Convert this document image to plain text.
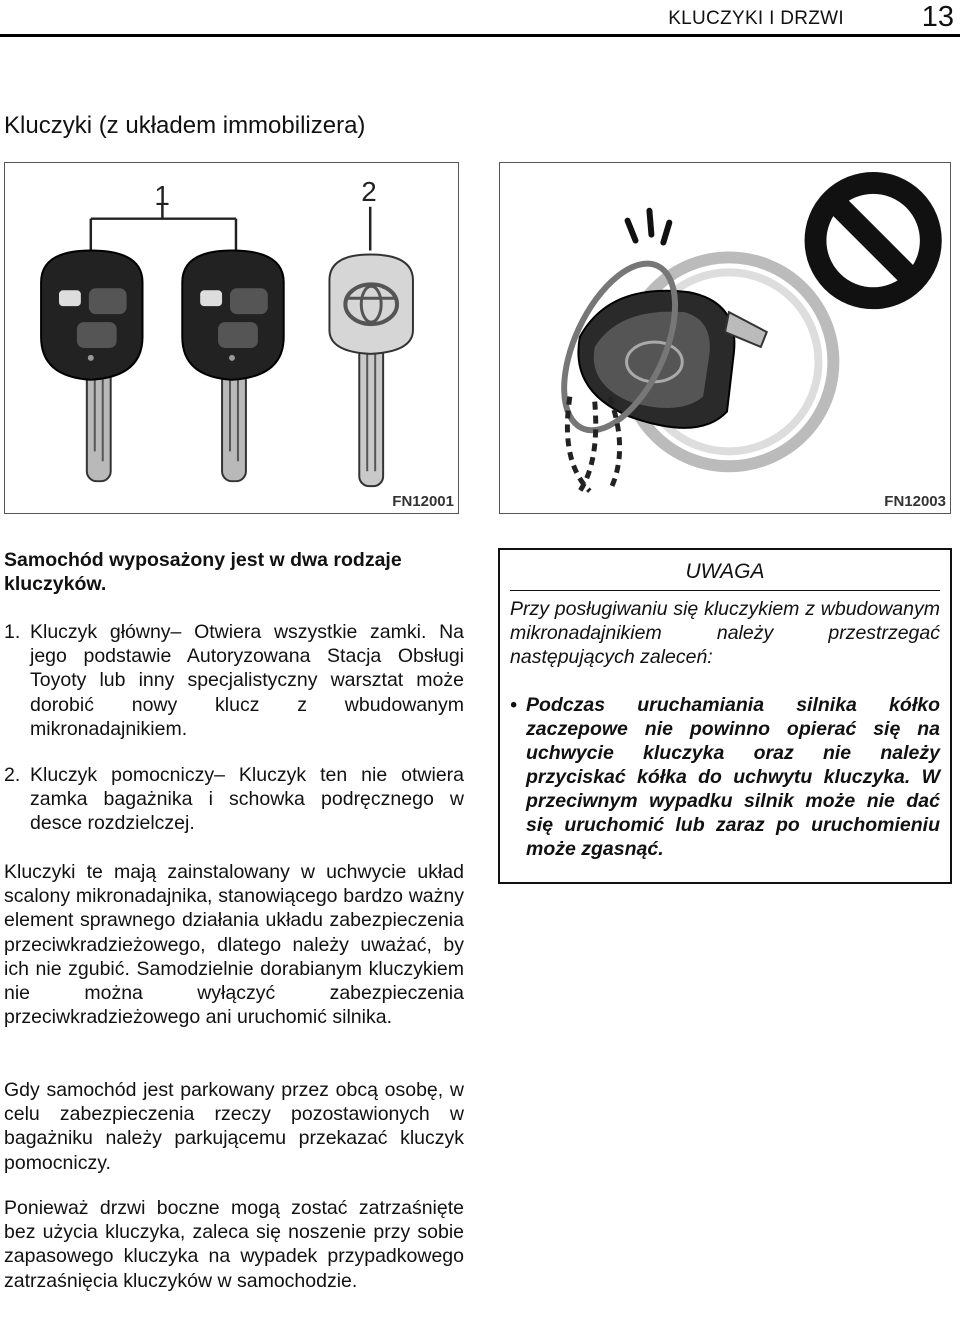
KLUCZYKI I DRZWI	13
Kluczyki (z układem immobilizera)
1	2
FN12001	FN12003

Samochód wyposażony jest w dwa rodzaje kluczyków.

1. Kluczyk główny– Otwiera wszystkie zamki. Na jego podstawie Autoryzowana Stacja Obsługi Toyoty lub inny specjalistyczny warsztat może dorobić nowy klucz z wbudowanym mikronadajnikiem.
2. Kluczyk pomocniczy– Kluczyk ten nie otwiera zamka bagażnika i schowka podręcznego w desce rozdzielczej.

Kluczyki te mają zainstalowany w uchwycie układ scalony mikronadajnika, stanowiącego bardzo ważny element sprawnego działania układu zabezpieczenia przeciwkradzieżowego, dlatego należy uważać, by ich nie zgubić. Samodzielnie dorabianym kluczykiem nie można wyłączyć zabezpieczenia przeciwkradzieżowego ani uruchomić silnika.

Gdy samochód jest parkowany przez obcą osobę, w celu zabezpieczenia rzeczy pozostawionych w bagażniku należy parkującemu przekazać kluczyk pomocniczy.

Ponieważ drzwi boczne mogą zostać zatrzaśnięte bez użycia kluczyka, zaleca się noszenie przy sobie zapasowego kluczyka na wypadek przypadkowego zatrzaśnięcia kluczyków w samochodzie.

UWAGA

Przy posługiwaniu się kluczykiem z wbudowanym mikronadajnikiem należy przestrzegać następujących zaleceń:

• Podczas uruchamiania silnika kółko zaczepowe nie powinno opierać się na uchwycie kluczyka oraz nie należy przyciskać kółka do uchwytu kluczyka. W przeciwnym wypadku silnik może nie dać się uruchomić lub zaraz po uruchomieniu może zgasnąć.
